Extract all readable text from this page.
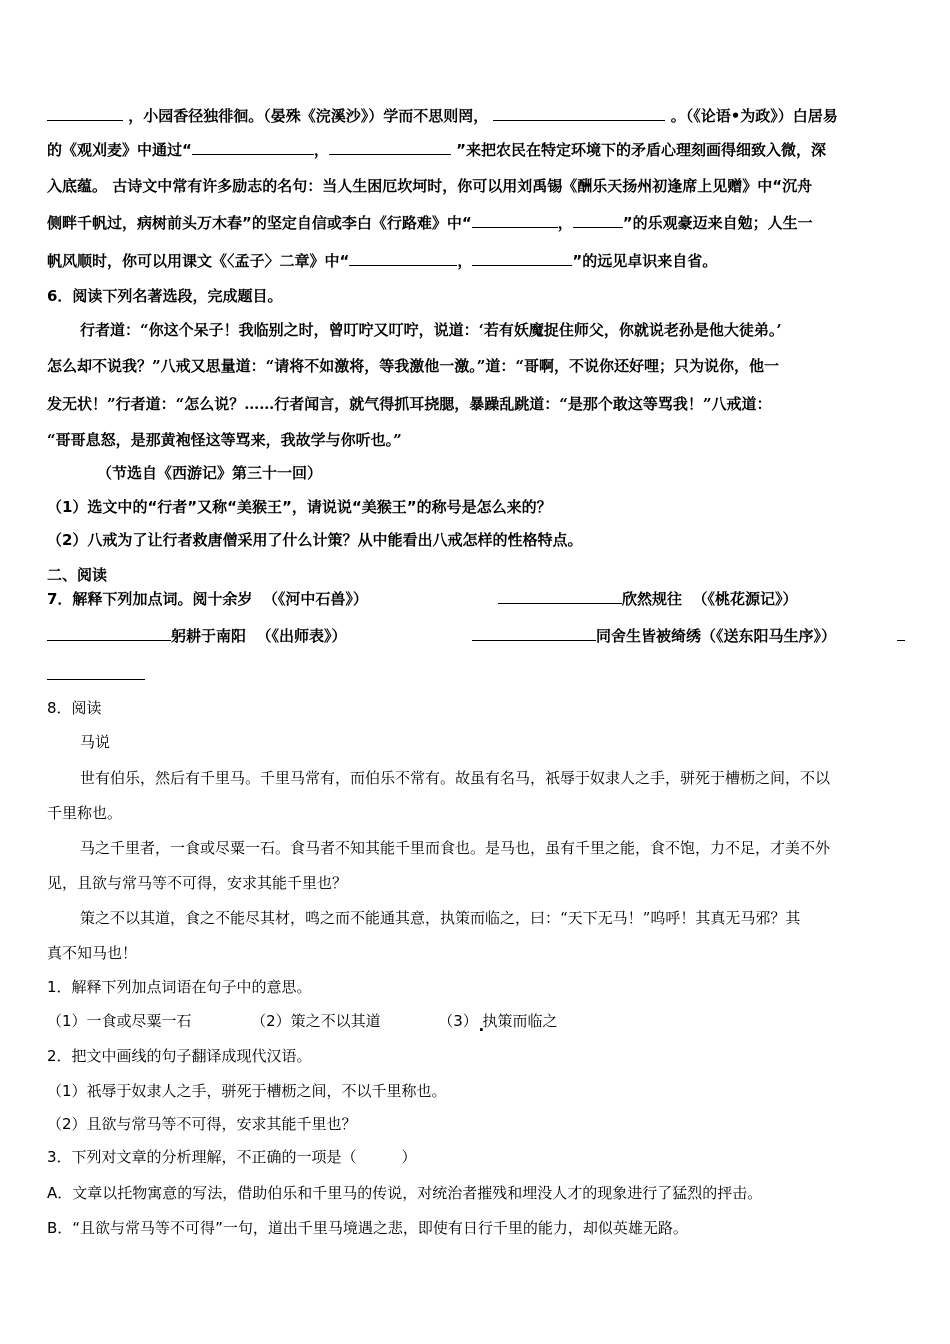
，小园香径独徘徊。（晏殊《浣溪沙》）学而不思则罔，	。（《论语•为政》）白居易
的《观刈麦》中通过“	，	”来把农民在特定环境下的矛盾心理刻画得细致入微，深
入底蕴。 古诗文中常有许多励志的名句：当人生困厄坎坷时，你可以用刘禹锡《酬乐天扬州初逢席上见赠》中“沉舟
侧畔千帆过，病树前头万木春”的坚定自信或李白《行路难》中“	，	”的乐观豪迈来自勉；人生一
帆风顺时，你可以用课文《〈孟子〉二章》中“	，	”的远见卓识来自省。
6．阅读下列名著选段，完成题目。
行者道：“你这个呆子！我临别之时，曾叮咛又叮咛，说道：‘若有妖魔捉住师父，你就说老孙是他大徒弟。’
怎么却不说我？”八戒又思量道：“请将不如激将，等我激他一激。”道：“哥啊，不说你还好哩；只为说你，他一
发无状！”行者道：“怎么说？……行者闻言，就气得抓耳挠腮，暴躁乱跳道：“是那个敢这等骂我！”八戒道：
“哥哥息怒，是那黄袍怪这等骂来，我故学与你听也。”
（节选自《西游记》第三十一回）
（1）选文中的“行者”又称“美猴王”，请说说“美猴王”的称号是怎么来的？
（2）八戒为了让行者救唐僧采用了什么计策？从中能看出八戒怎样的性格特点。
二、阅读
7．解释下列加点词。阅十余岁 （《河中石兽》）	欣然规往 （《桃花源记》）
躬耕于南阳 （《出师表》）	同舍生皆被绮绣（《送东阳马生序》）
8．阅读
马说
世有伯乐，然后有千里马。千里马常有，而伯乐不常有。故虽有名马，祇辱于奴隶人之手，骈死于槽枥之间，不以
千里称也。
马之千里者，一食或尽粟一石。食马者不知其能千里而食也。是马也，虽有千里之能，食不饱，力不足，才美不外
见，且欲与常马等不可得，安求其能千里也？
策之不以其道，食之不能尽其材，鸣之而不能通其意，执策而临之，曰：“天下无马！”呜呼！其真无马邪？其
真不知马也！
1．解释下列加点词语在句子中的意思。
（1）一食或尽粟一石	（2）策之不以其道	（3） 执策而临之 .
2．把文中画线的句子翻译成现代汉语。
（1）祇辱于奴隶人之手，骈死于槽枥之间，不以千里称也。
（2）且欲与常马等不可得，安求其能千里也？
3．下列对文章的分析理解，不正确的一项是（　　　）
A．文章以托物寓意的写法，借助伯乐和千里马的传说，对统治者摧残和埋没人才的现象进行了猛烈的抨击。
B．“且欲与常马等不可得”一句，道出千里马境遇之悲，即使有日行千里的能力，却似英雄无路。
